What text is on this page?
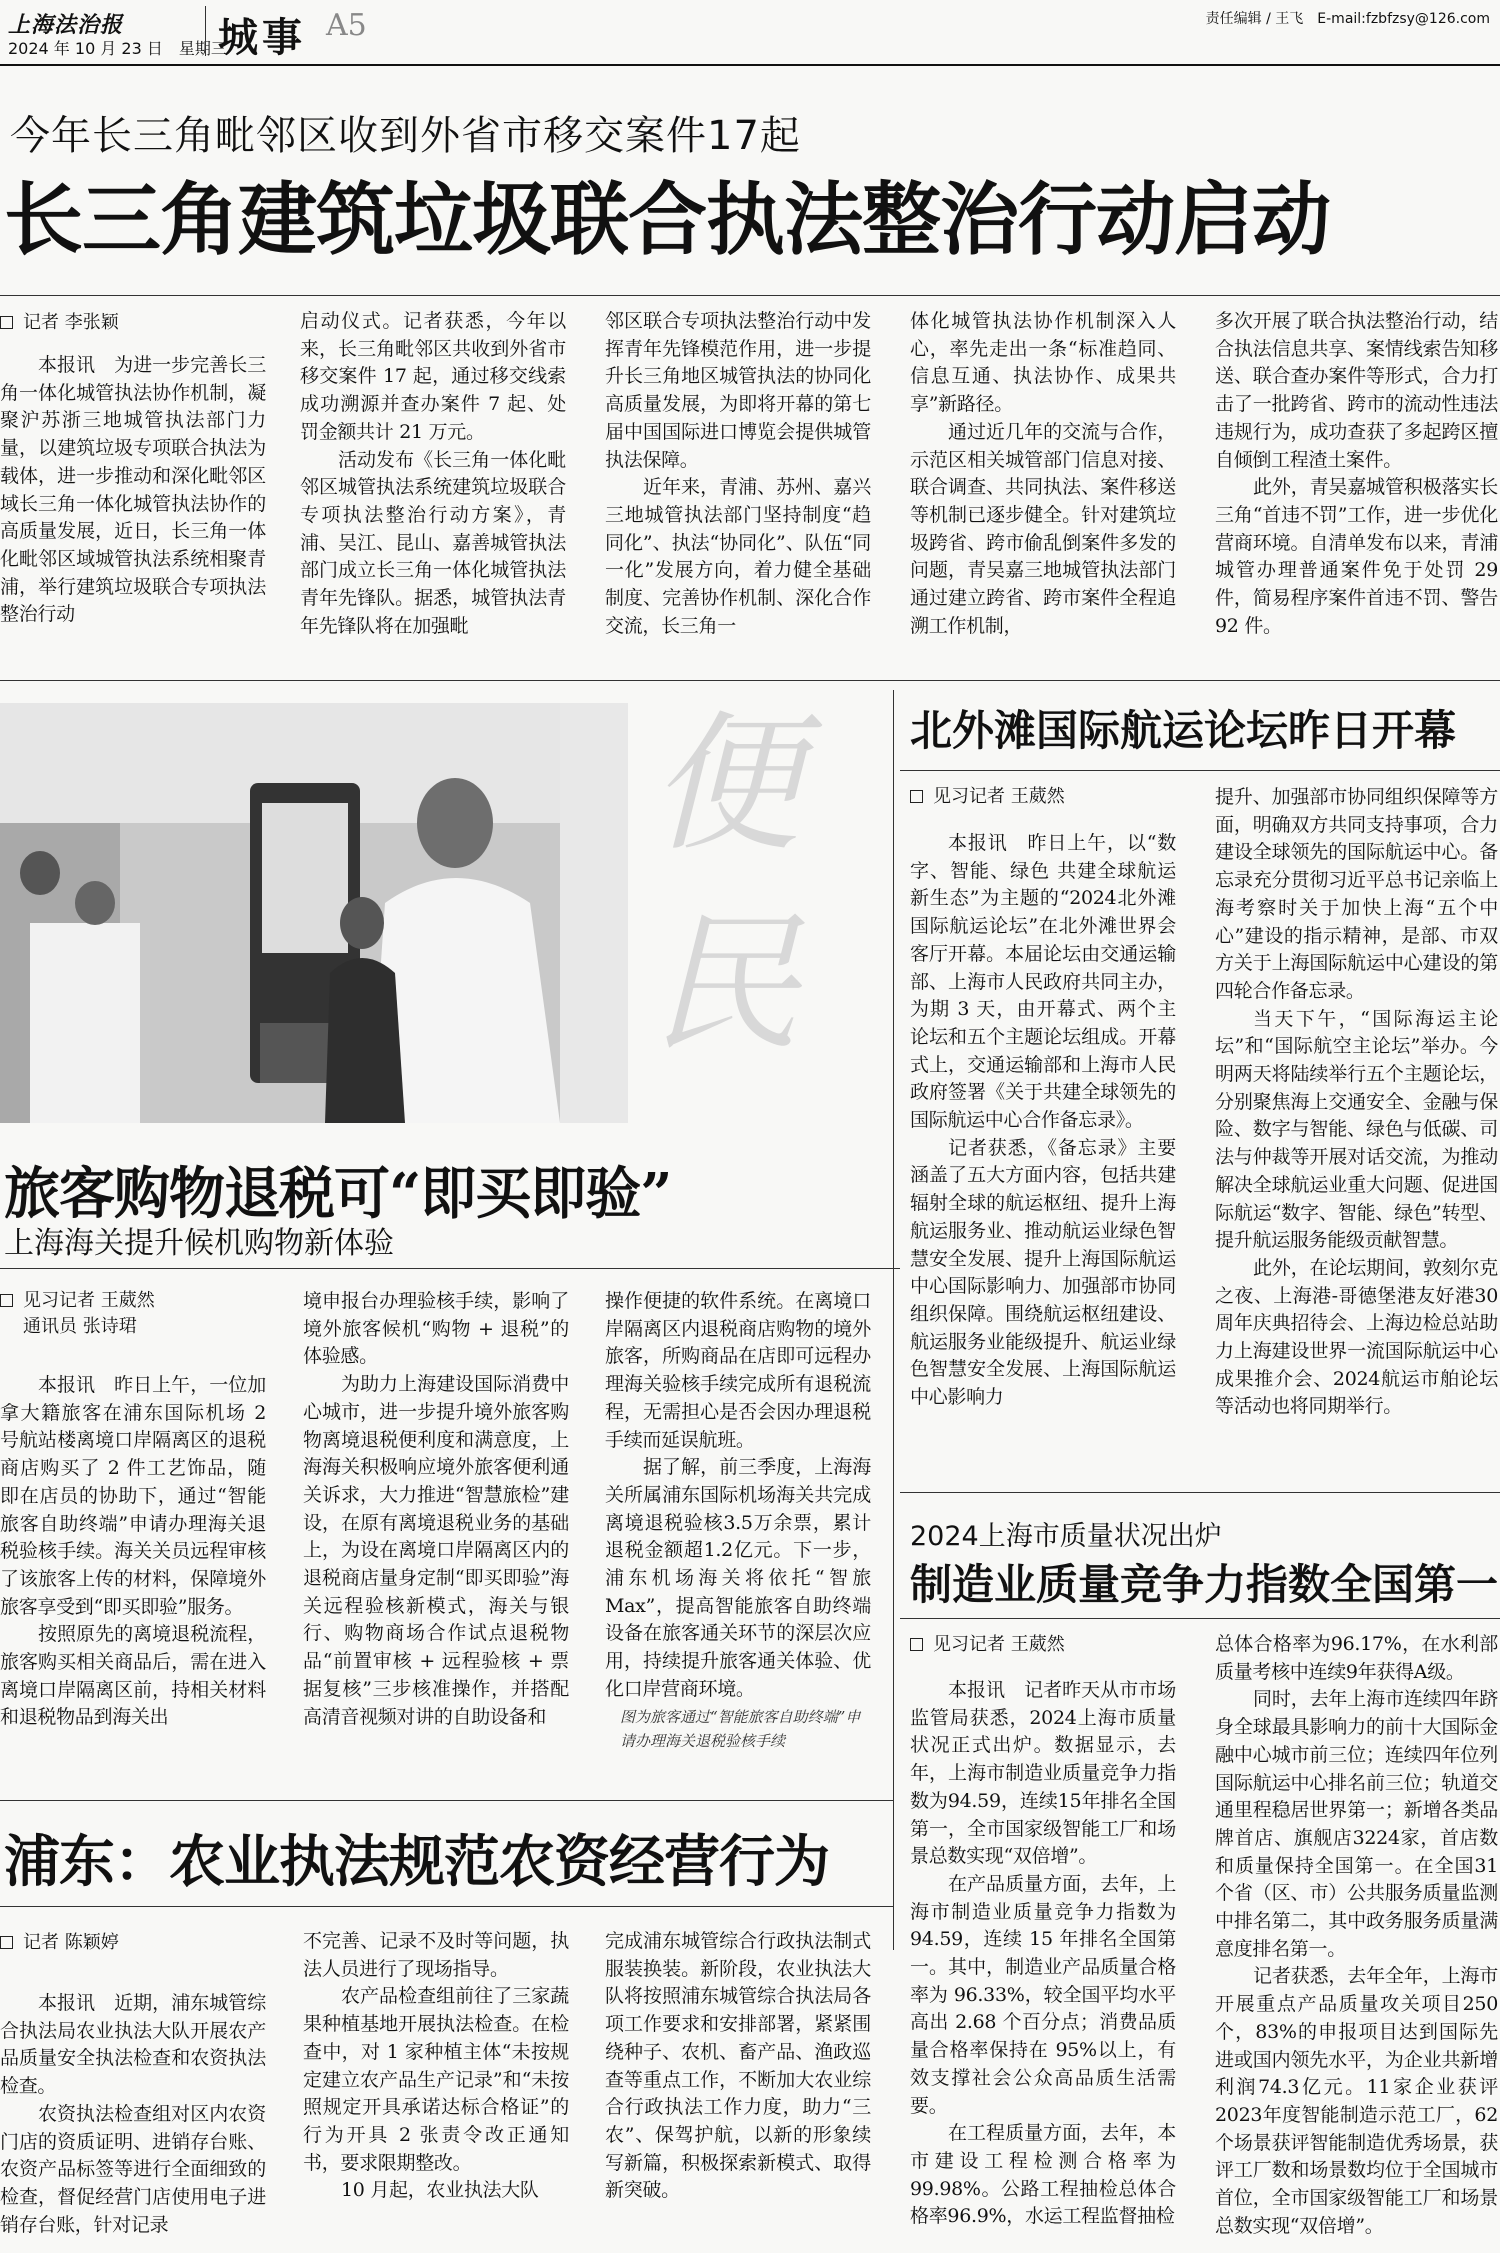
上海法治报
2024 年 10 月 23 日　星期三
城事 A5	责任编辑 / 王飞　E-mail:fzbfzsy@126.com
今年长三角毗邻区收到外省市移交案件17起
长三角建筑垃圾联合执法整治行动启动
记者 李张颖

本报讯　为进一步完善长三角一体化城管执法协作机制，凝聚沪苏浙三地城管执法部门力量，以建筑垃圾专项联合执法为载体，进一步推动和深化毗邻区域长三角一体化城管执法协作的高质量发展，近日，长三角一体化毗邻区域城管执法系统相聚青浦，举行建筑垃圾联合专项执法整治行动

启动仪式。记者获悉，今年以来，长三角毗邻区共收到外省市移交案件 17 起，通过移交线索成功溯源并查办案件 7 起、处罚金额共计 21 万元。

活动发布《长三角一体化毗邻区城管执法系统建筑垃圾联合专项执法整治行动方案》，青浦、吴江、昆山、嘉善城管执法部门成立长三角一体化城管执法青年先锋队。据悉，城管执法青年先锋队将在加强毗

邻区联合专项执法整治行动中发挥青年先锋模范作用，进一步提升长三角地区城管执法的协同化高质量发展，为即将开幕的第七届中国国际进口博览会提供城管执法保障。

近年来，青浦、苏州、嘉兴三地城管执法部门坚持制度“趋同化”、执法“协同化”、队伍“同一化”发展方向，着力健全基础制度、完善协作机制、深化合作交流，长三角一

体化城管执法协作机制深入人心，率先走出一条“标准趋同、信息互通、执法协作、成果共享”新路径。

通过近几年的交流与合作，示范区相关城管部门信息对接、联合调查、共同执法、案件移送等机制已逐步健全。针对建筑垃圾跨省、跨市偷乱倒案件多发的问题，青吴嘉三地城管执法部门通过建立跨省、跨市案件全程追溯工作机制，

多次开展了联合执法整治行动，结合执法信息共享、案情线索告知移送、联合查办案件等形式，合力打击了一批跨省、跨市的流动性违法违规行为，成功查获了多起跨区擅自倾倒工程渣土案件。

此外，青吴嘉城管积极落实长三角“首违不罚”工作，进一步优化营商环境。自清单发布以来，青浦城管办理普通案件免于处罚 29 件，简易程序案件首违不罚、警告 92 件。

便
民
旅客购物退税可“即买即验”
上海海关提升候机购物新体验
见习记者 王葳然
通讯员 张诗珺

本报讯　昨日上午，一位加拿大籍旅客在浦东国际机场 2 号航站楼离境口岸隔离区的退税商店购买了 2 件工艺饰品，随即在店员的协助下，通过“智能旅客自助终端”申请办理海关退税验核手续。海关关员远程审核了该旅客上传的材料，保障境外旅客享受到“即买即验”服务。

按照原先的离境退税流程，旅客购买相关商品后，需在进入离境口岸隔离区前，持相关材料和退税物品到海关出

境申报台办理验核手续，影响了境外旅客候机“购物 + 退税”的体验感。

为助力上海建设国际消费中心城市，进一步提升境外旅客购物离境退税便利度和满意度，上海海关积极响应境外旅客便利通关诉求，大力推进“智慧旅检”建设，在原有离境退税业务的基础上，为设在离境口岸隔离区内的退税商店量身定制“即买即验”海关远程验核新模式，海关与银行、购物商场合作试点退税物品“前置审核 + 远程验核 + 票据复核”三步核准操作，并搭配高清音视频对讲的自助设备和

操作便捷的软件系统。在离境口岸隔离区内退税商店购物的境外旅客，所购商品在店即可远程办理海关验核手续完成所有退税流程，无需担心是否会因办理退税手续而延误航班。

据了解，前三季度，上海海关所属浦东国际机场海关共完成离境退税验核3.5万余票，累计退税金额超1.2亿元。下一步，浦东机场海关将依托“智旅Max”，提高智能旅客自助终端设备在旅客通关环节的深层次应用，持续提升旅客通关体验、优化口岸营商环境。

图为旅客通过“智能旅客自助终端”申请办理海关退税验核手续
北外滩国际航运论坛昨日开幕
见习记者 王葳然

本报讯　昨日上午，以“数字、智能、绿色 共建全球航运新生态”为主题的“2024北外滩国际航运论坛”在北外滩世界会客厅开幕。本届论坛由交通运输部、上海市人民政府共同主办，为期 3 天，由开幕式、两个主论坛和五个主题论坛组成。开幕式上，交通运输部和上海市人民政府签署《关于共建全球领先的国际航运中心合作备忘录》。

记者获悉，《备忘录》主要涵盖了五大方面内容，包括共建辐射全球的航运枢纽、提升上海航运服务业、推动航运业绿色智慧安全发展、提升上海国际航运中心国际影响力、加强部市协同组织保障。围绕航运枢纽建设、航运服务业能级提升、航运业绿色智慧安全发展、上海国际航运中心影响力

提升、加强部市协同组织保障等方面，明确双方共同支持事项，合力建设全球领先的国际航运中心。备忘录充分贯彻习近平总书记亲临上海考察时关于加快上海“五个中心”建设的指示精神，是部、市双方关于上海国际航运中心建设的第四轮合作备忘录。

当天下午，“国际海运主论坛”和“国际航空主论坛”举办。今明两天将陆续举行五个主题论坛，分别聚焦海上交通安全、金融与保险、数字与智能、绿色与低碳、司法与仲裁等开展对话交流，为推动解决全球航运业重大问题、促进国际航运“数字、智能、绿色”转型、提升航运服务能级贡献智慧。

此外，在论坛期间，敦刻尔克之夜、上海港-哥德堡港友好港30周年庆典招待会、上海边检总站助力上海建设世界一流国际航运中心成果推介会、2024航运市舶论坛等活动也将同期举行。

2024上海市质量状况出炉
制造业质量竞争力指数全国第一
见习记者 王葳然

本报讯　记者昨天从市市场监管局获悉，2024上海市质量状况正式出炉。数据显示，去年，上海市制造业质量竞争力指数为94.59，连续15年排名全国第一，全市国家级智能工厂和场景总数实现“双倍增”。

在产品质量方面，去年，上海市制造业质量竞争力指数为 94.59，连续 15 年排名全国第一。其中，制造业产品质量合格率为 96.33%，较全国平均水平高出 2.68 个百分点；消费品质量合格率保持在 95%以上，有效支撑社会公众高品质生活需要。

在工程质量方面，去年，本市建设工程检测合格率为99.98%。公路工程抽检总体合格率96.9%，水运工程监督抽检

总体合格率为96.17%，在水利部质量考核中连续9年获得A级。

同时，去年上海市连续四年跻身全球最具影响力的前十大国际金融中心城市前三位；连续四年位列国际航运中心排名前三位；轨道交通里程稳居世界第一；新增各类品牌首店、旗舰店3224家，首店数和质量保持全国第一。在全国31个省（区、市）公共服务质量监测中排名第二，其中政务服务质量满意度排名第一。

记者获悉，去年全年，上海市开展重点产品质量攻关项目250个，83%的申报项目达到国际先进或国内领先水平，为企业共新增利润74.3亿元。11家企业获评2023年度智能制造示范工厂，62个场景获评智能制造优秀场景，获评工厂数和场景数均位于全国城市首位，全市国家级智能工厂和场景总数实现“双倍增”。

浦东：农业执法规范农资经营行为
记者 陈颖婷

本报讯　近期，浦东城管综合执法局农业执法大队开展农产品质量安全执法检查和农资执法检查。

农资执法检查组对区内农资门店的资质证明、进销存台账、农资产品标签等进行全面细致的检查，督促经营门店使用电子进销存台账，针对记录

不完善、记录不及时等问题，执法人员进行了现场指导。

农产品检查组前往了三家蔬果种植基地开展执法检查。在检查中，对 1 家种植主体“未按规定建立农产品生产记录”和“未按照规定开具承诺达标合格证”的行为开具 2 张责令改正通知书，要求限期整改。

10 月起，农业执法大队

完成浦东城管综合行政执法制式服装换装。新阶段，农业执法大队将按照浦东城管综合执法局各项工作要求和安排部署，紧紧围绕种子、农机、畜产品、渔政巡查等重点工作，不断加大农业综合行政执法工作力度，助力“三农”、保驾护航，以新的形象续写新篇，积极探索新模式、取得新突破。
